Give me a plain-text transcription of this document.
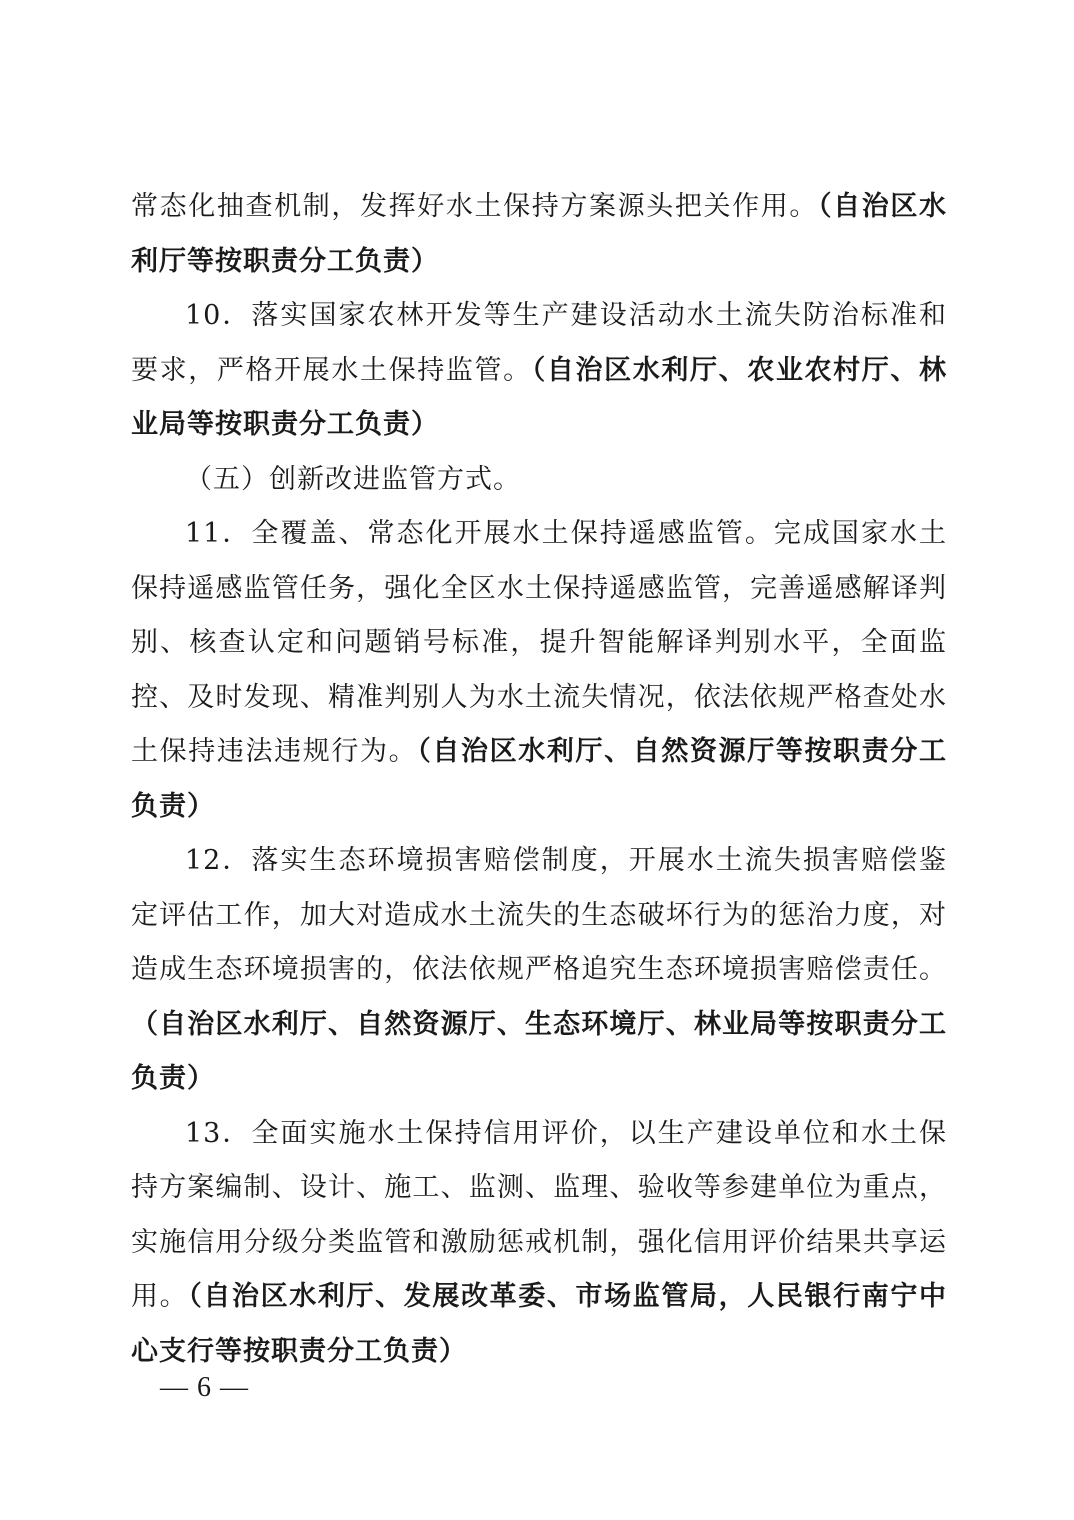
常态化抽查机制，发挥好水土保持方案源头把关作用。（自治区水利厅等按职责分工负责）

10．落实国家农林开发等生产建设活动水土流失防治标准和要求，严格开展水土保持监管。（自治区水利厅、农业农村厅、林业局等按职责分工负责）

（五）创新改进监管方式。

11．全覆盖、常态化开展水土保持遥感监管。完成国家水土保持遥感监管任务，强化全区水土保持遥感监管，完善遥感解译判别、核查认定和问题销号标准，提升智能解译判别水平，全面监控、及时发现、精准判别人为水土流失情况，依法依规严格查处水土保持违法违规行为。（自治区水利厅、自然资源厅等按职责分工负责）

12．落实生态环境损害赔偿制度，开展水土流失损害赔偿鉴定评估工作，加大对造成水土流失的生态破坏行为的惩治力度，对造成生态环境损害的，依法依规严格追究生态环境损害赔偿责任。（自治区水利厅、自然资源厅、生态环境厅、林业局等按职责分工负责）

13．全面实施水土保持信用评价，以生产建设单位和水土保持方案编制、设计、施工、监测、监理、验收等参建单位为重点，实施信用分级分类监管和激励惩戒机制，强化信用评价结果共享运用。（自治区水利厅、发展改革委、市场监管局，人民银行南宁中心支行等按职责分工负责）

— 6 —
